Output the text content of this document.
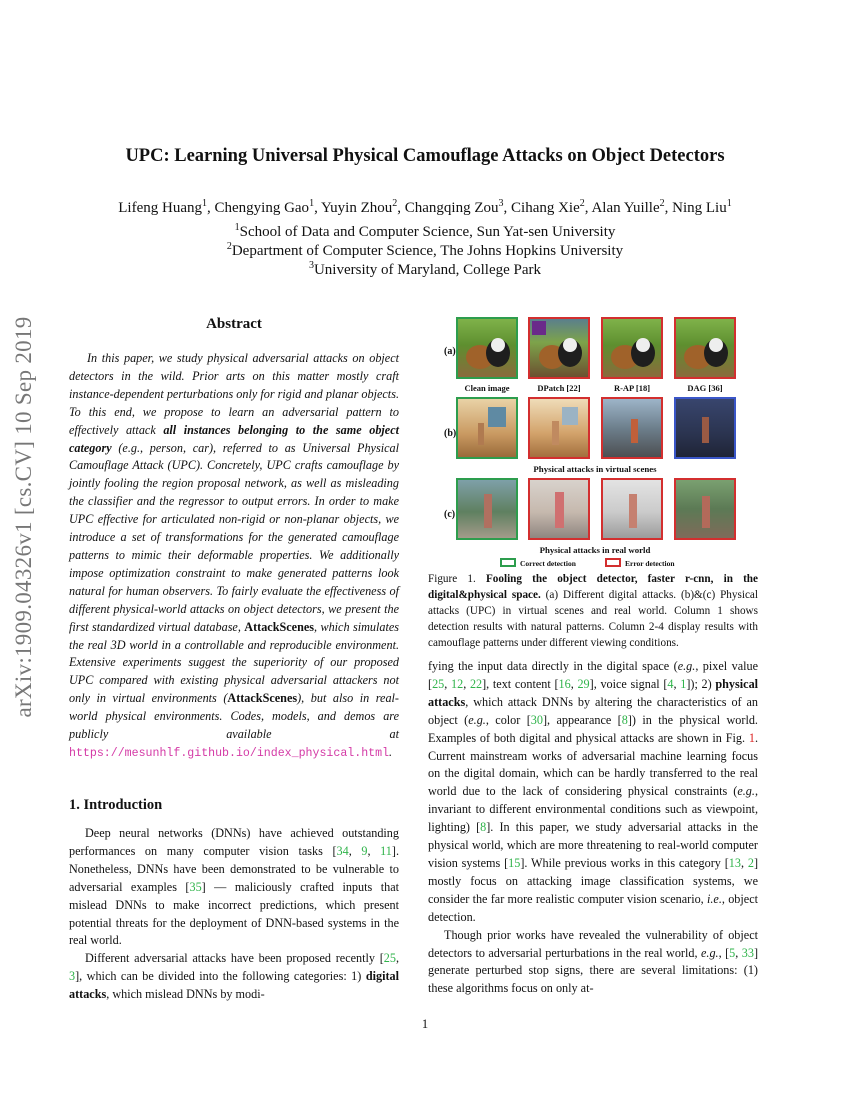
arXiv:1909.04326v1 [cs.CV] 10 Sep 2019
UPC: Learning Universal Physical Camouflage Attacks on Object Detectors
Lifeng Huang$^1$, Chengying Gao$^1$, Yuyin Zhou$^2$, Changqing Zou$^3$, Cihang Xie$^2$, Alan Yuille$^2$, Ning Liu$^1$
$^1$School of Data and Computer Science, Sun Yat-sen University
$^2$Department of Computer Science, The Johns Hopkins University
$^3$University of Maryland, College Park
Abstract

In this paper, we study physical adversarial attacks on object detectors in the wild. Prior arts on this matter mostly craft instance-dependent perturbations only for rigid and planar objects. To this end, we propose to learn an adversarial pattern to effectively attack all instances belonging to the same object category (e.g., person, car), referred to as Universal Physical Camouflage Attack (UPC). Concretely, UPC crafts camouflage by jointly fooling the region proposal network, as well as misleading the classifier and the regressor to output errors. In order to make UPC effective for articulated non-rigid or non-planar objects, we introduce a set of transformations for the generated camouflage patterns to mimic their deformable properties. We additionally impose optimization constraint to make generated patterns look natural for human observers. To fairly evaluate the effectiveness of different physical-world attacks on object detectors, we present the first standardized virtual database, AttackScenes, which simulates the real 3D world in a controllable and reproducible environment. Extensive experiments suggest the superiority of our proposed UPC compared with existing physical adversarial attackers not only in virtual environments (AttackScenes), but also in real-world physical environments. Codes, models, and demos are publicly available at https://mesunhlf.github.io/index_physical.html.

1. Introduction

Deep neural networks (DNNs) have achieved outstanding performances on many computer vision tasks [34, 9, 11]. Nonetheless, DNNs have been demonstrated to be vulnerable to adversarial examples [35] — maliciously crafted inputs that mislead DNNs to make incorrect predictions, which present potential threats for the deployment of DNN-based systems in the real world.

Different adversarial attacks have been proposed recently [25, 3], which can be divided into the following categories: 1) digital attacks, which mislead DNNs by modi-

fying the input data directly in the digital space (e.g., pixel value [25, 12, 22], text content [16, 29], voice signal [4, 1]); 2) physical attacks, which attack DNNs by altering the characteristics of an object (e.g., color [30], appearance [8]) in the physical world. Examples of both digital and physical attacks are shown in Fig. 1. Current mainstream works of adversarial machine learning focus on the digital domain, which can be hardly transferred to the real world due to the lack of considering physical constraints (e.g., invariant to different environmental conditions such as viewpoint, lighting) [8]. In this paper, we study adversarial attacks in the physical world, which are more threatening to real-world computer vision systems [15]. While previous works in this category [13, 2] mostly focus on attacking image classification systems, we consider the far more realistic computer vision scenario, i.e., object detection.

Though prior works have revealed the vulnerability of object detectors to adversarial perturbations in the real world, e.g., [5, 33] generate perturbed stop signs, there are several limitations: (1) these algorithms focus on only at-

(a)
(b)
(c)
Clean image	DPatch [22]	R-AP [18]	DAG [36]
Physical attacks in virtual scenes
Physical attacks in real world
Correct detection	Error detection
Figure 1. Fooling the object detector, faster r-cnn, in the digital&physical space. (a) Different digital attacks. (b)&(c) Physical attacks (UPC) in virtual scenes and real world. Column 1 shows detection results with natural patterns. Column 2-4 display results with camouflage patterns under different viewing conditions.
1
